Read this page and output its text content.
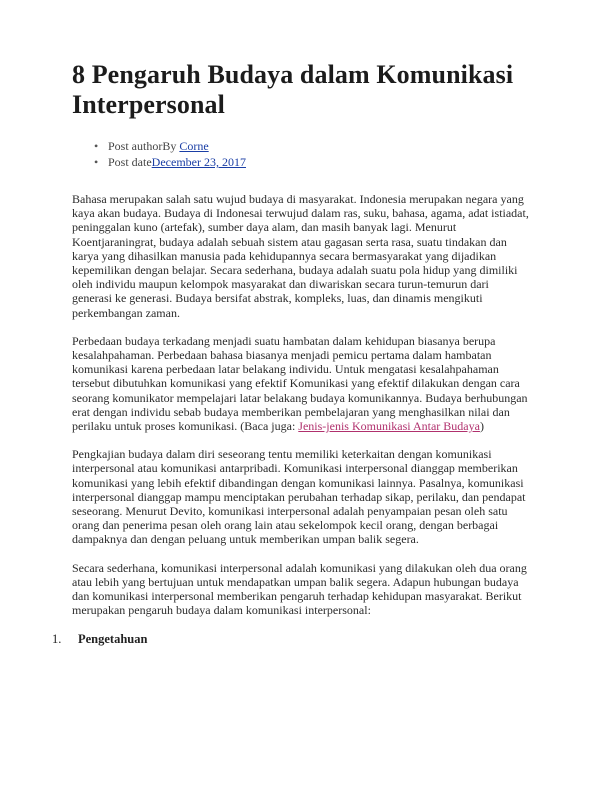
8 Pengaruh Budaya dalam Komunikasi Interpersonal
• Post authorBy Corne
• Post dateDecember 23, 2017

Bahasa merupakan salah satu wujud budaya di masyarakat. Indonesia merupakan negara yang kaya akan budaya. Budaya di Indonesai terwujud dalam ras, suku, bahasa, agama, adat istiadat, peninggalan kuno (artefak), sumber daya alam, dan masih banyak lagi. Menurut Koentjaraningrat, budaya adalah sebuah sistem atau gagasan serta rasa, suatu tindakan dan karya yang dihasilkan manusia pada kehidupannya secara bermasyarakat yang dijadikan kepemilikan dengan belajar. Secara sederhana, budaya adalah suatu pola hidup yang dimiliki oleh individu maupun kelompok masyarakat dan diwariskan secara turun-temurun dari generasi ke generasi. Budaya bersifat abstrak, kompleks, luas, dan dinamis mengikuti perkembangan zaman.

Perbedaan budaya terkadang menjadi suatu hambatan dalam kehidupan biasanya berupa kesalahpahaman. Perbedaan bahasa biasanya menjadi pemicu pertama dalam hambatan komunikasi karena perbedaan latar belakang individu. Untuk mengatasi kesalahpahaman tersebut dibutuhkan komunikasi yang efektif Komunikasi yang efektif dilakukan dengan cara seorang komunikator mempelajari latar belakang budaya komunikannya. Budaya berhubungan erat dengan individu sebab budaya memberikan pembelajaran yang menghasilkan nilai dan perilaku untuk proses komunikasi. (Baca juga: Jenis-jenis Komunikasi Antar Budaya)

Pengkajian budaya dalam diri seseorang tentu memiliki keterkaitan dengan komunikasi interpersonal atau komunikasi antarpribadi. Komunikasi interpersonal dianggap memberikan komunikasi yang lebih efektif dibandingan dengan komunikasi lainnya. Pasalnya, komunikasi interpersonal dianggap mampu menciptakan perubahan terhadap sikap, perilaku, dan pendapat seseorang. Menurut Devito, komunikasi interpersonal adalah penyampaian pesan oleh satu orang dan penerima pesan oleh orang lain atau sekelompok kecil orang, dengan berbagai dampaknya dan dengan peluang untuk memberikan umpan balik segera.

Secara sederhana, komunikasi interpersonal adalah komunikasi yang dilakukan oleh dua orang atau lebih yang bertujuan untuk mendapatkan umpan balik segera. Adapun hubungan budaya dan komunikasi interpersonal memberikan pengaruh terhadap kehidupan masyarakat. Berikut merupakan pengaruh budaya dalam komunikasi interpersonal:

1.	Pengetahuan
